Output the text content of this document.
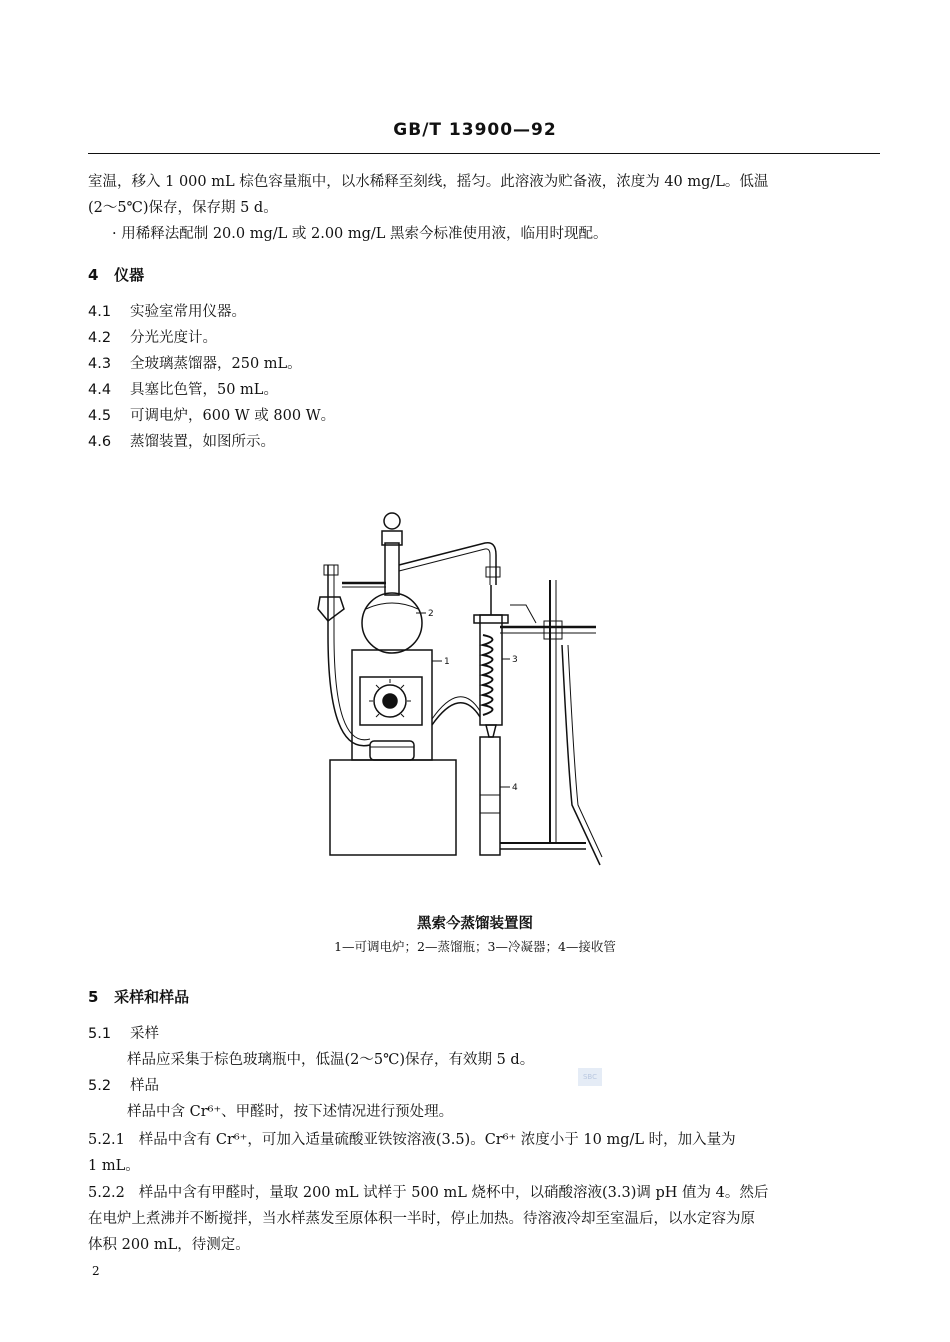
GB/T 13900—92
室温，移入 1 000 mL 棕色容量瓶中，以水稀释至刻线，摇匀。此溶液为贮备液，浓度为 40 mg/L。低温
(2～5℃)保存，保存期 5 d。
· 用稀释法配制 20.0 mg/L 或 2.00 mg/L 黑索今标准使用液，临用时现配。
4 仪器
4.1 实验室常用仪器。
4.2 分光光度计。
4.3 全玻璃蒸馏器，250 mL。
4.4 具塞比色管，50 mL。
4.5 可调电炉，600 W 或 800 W。
4.6 蒸馏装置，如图所示。
2
1	3
4
黑索今蒸馏装置图
1—可调电炉；2—蒸馏瓶；3—冷凝器；4—接收管
5 采样和样品
5.1 采样
样品应采集于棕色玻璃瓶中，低温(2～5℃)保存，有效期 5 d。
5.2 样品
样品中含 Cr⁶⁺、甲醛时，按下述情况进行预处理。
5.2.1 样品中含有 Cr⁶⁺，可加入适量硫酸亚铁铵溶液(3.5)。Cr⁶⁺ 浓度小于 10 mg/L 时，加入量为
1 mL。
5.2.2 样品中含有甲醛时，量取 200 mL 试样于 500 mL 烧杯中，以硝酸溶液(3.3)调 pH 值为 4。然后
在电炉上煮沸并不断搅拌，当水样蒸发至原体积一半时，停止加热。待溶液冷却至室温后，以水定容为原
体积 200 mL，待测定。
SBC
2
